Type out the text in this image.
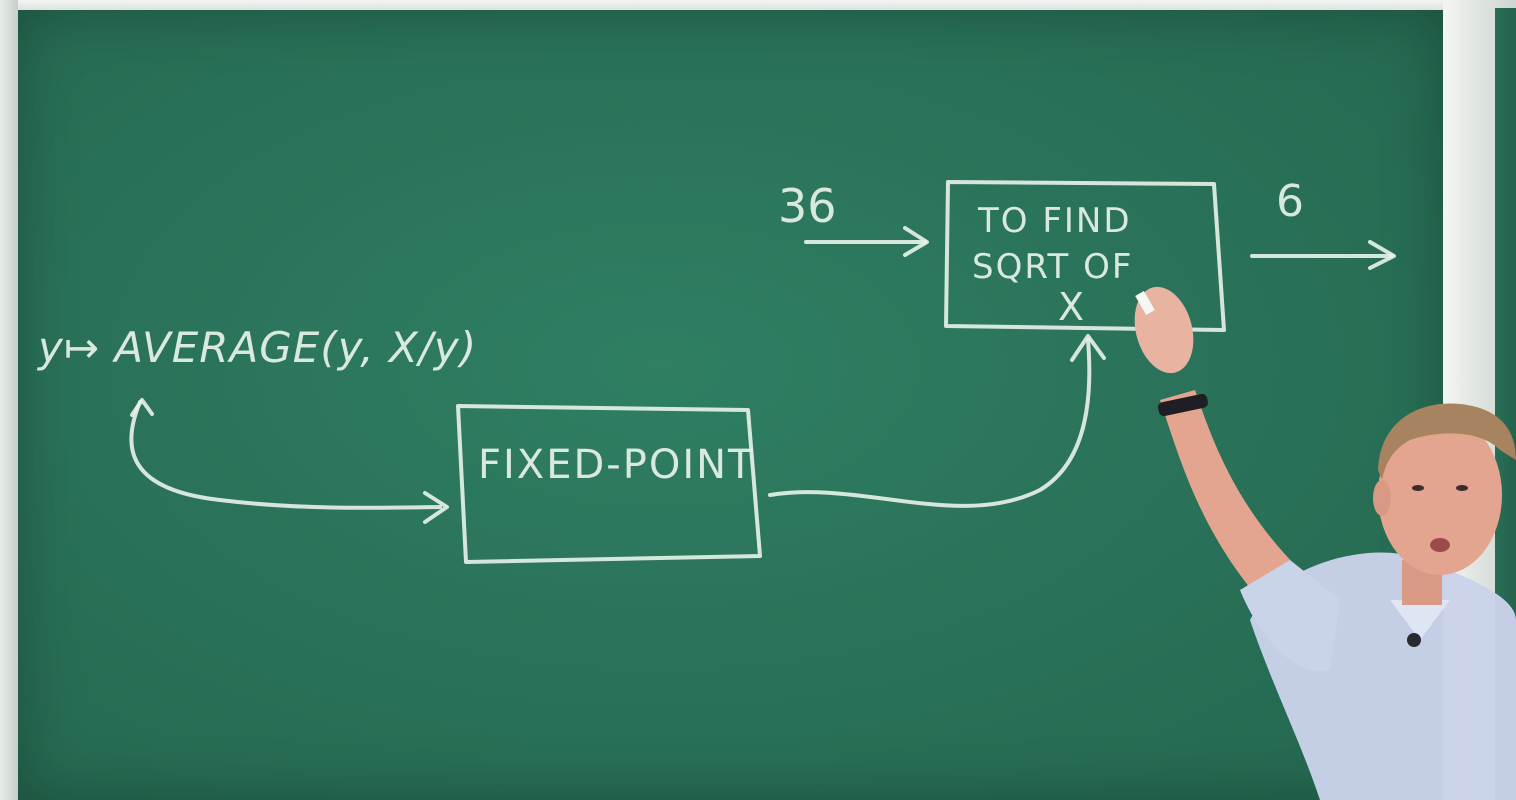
y↦ AVERAGE(y, X/y)
FIXED-POINT
36	TO FIND
SQRT OF
X
6
